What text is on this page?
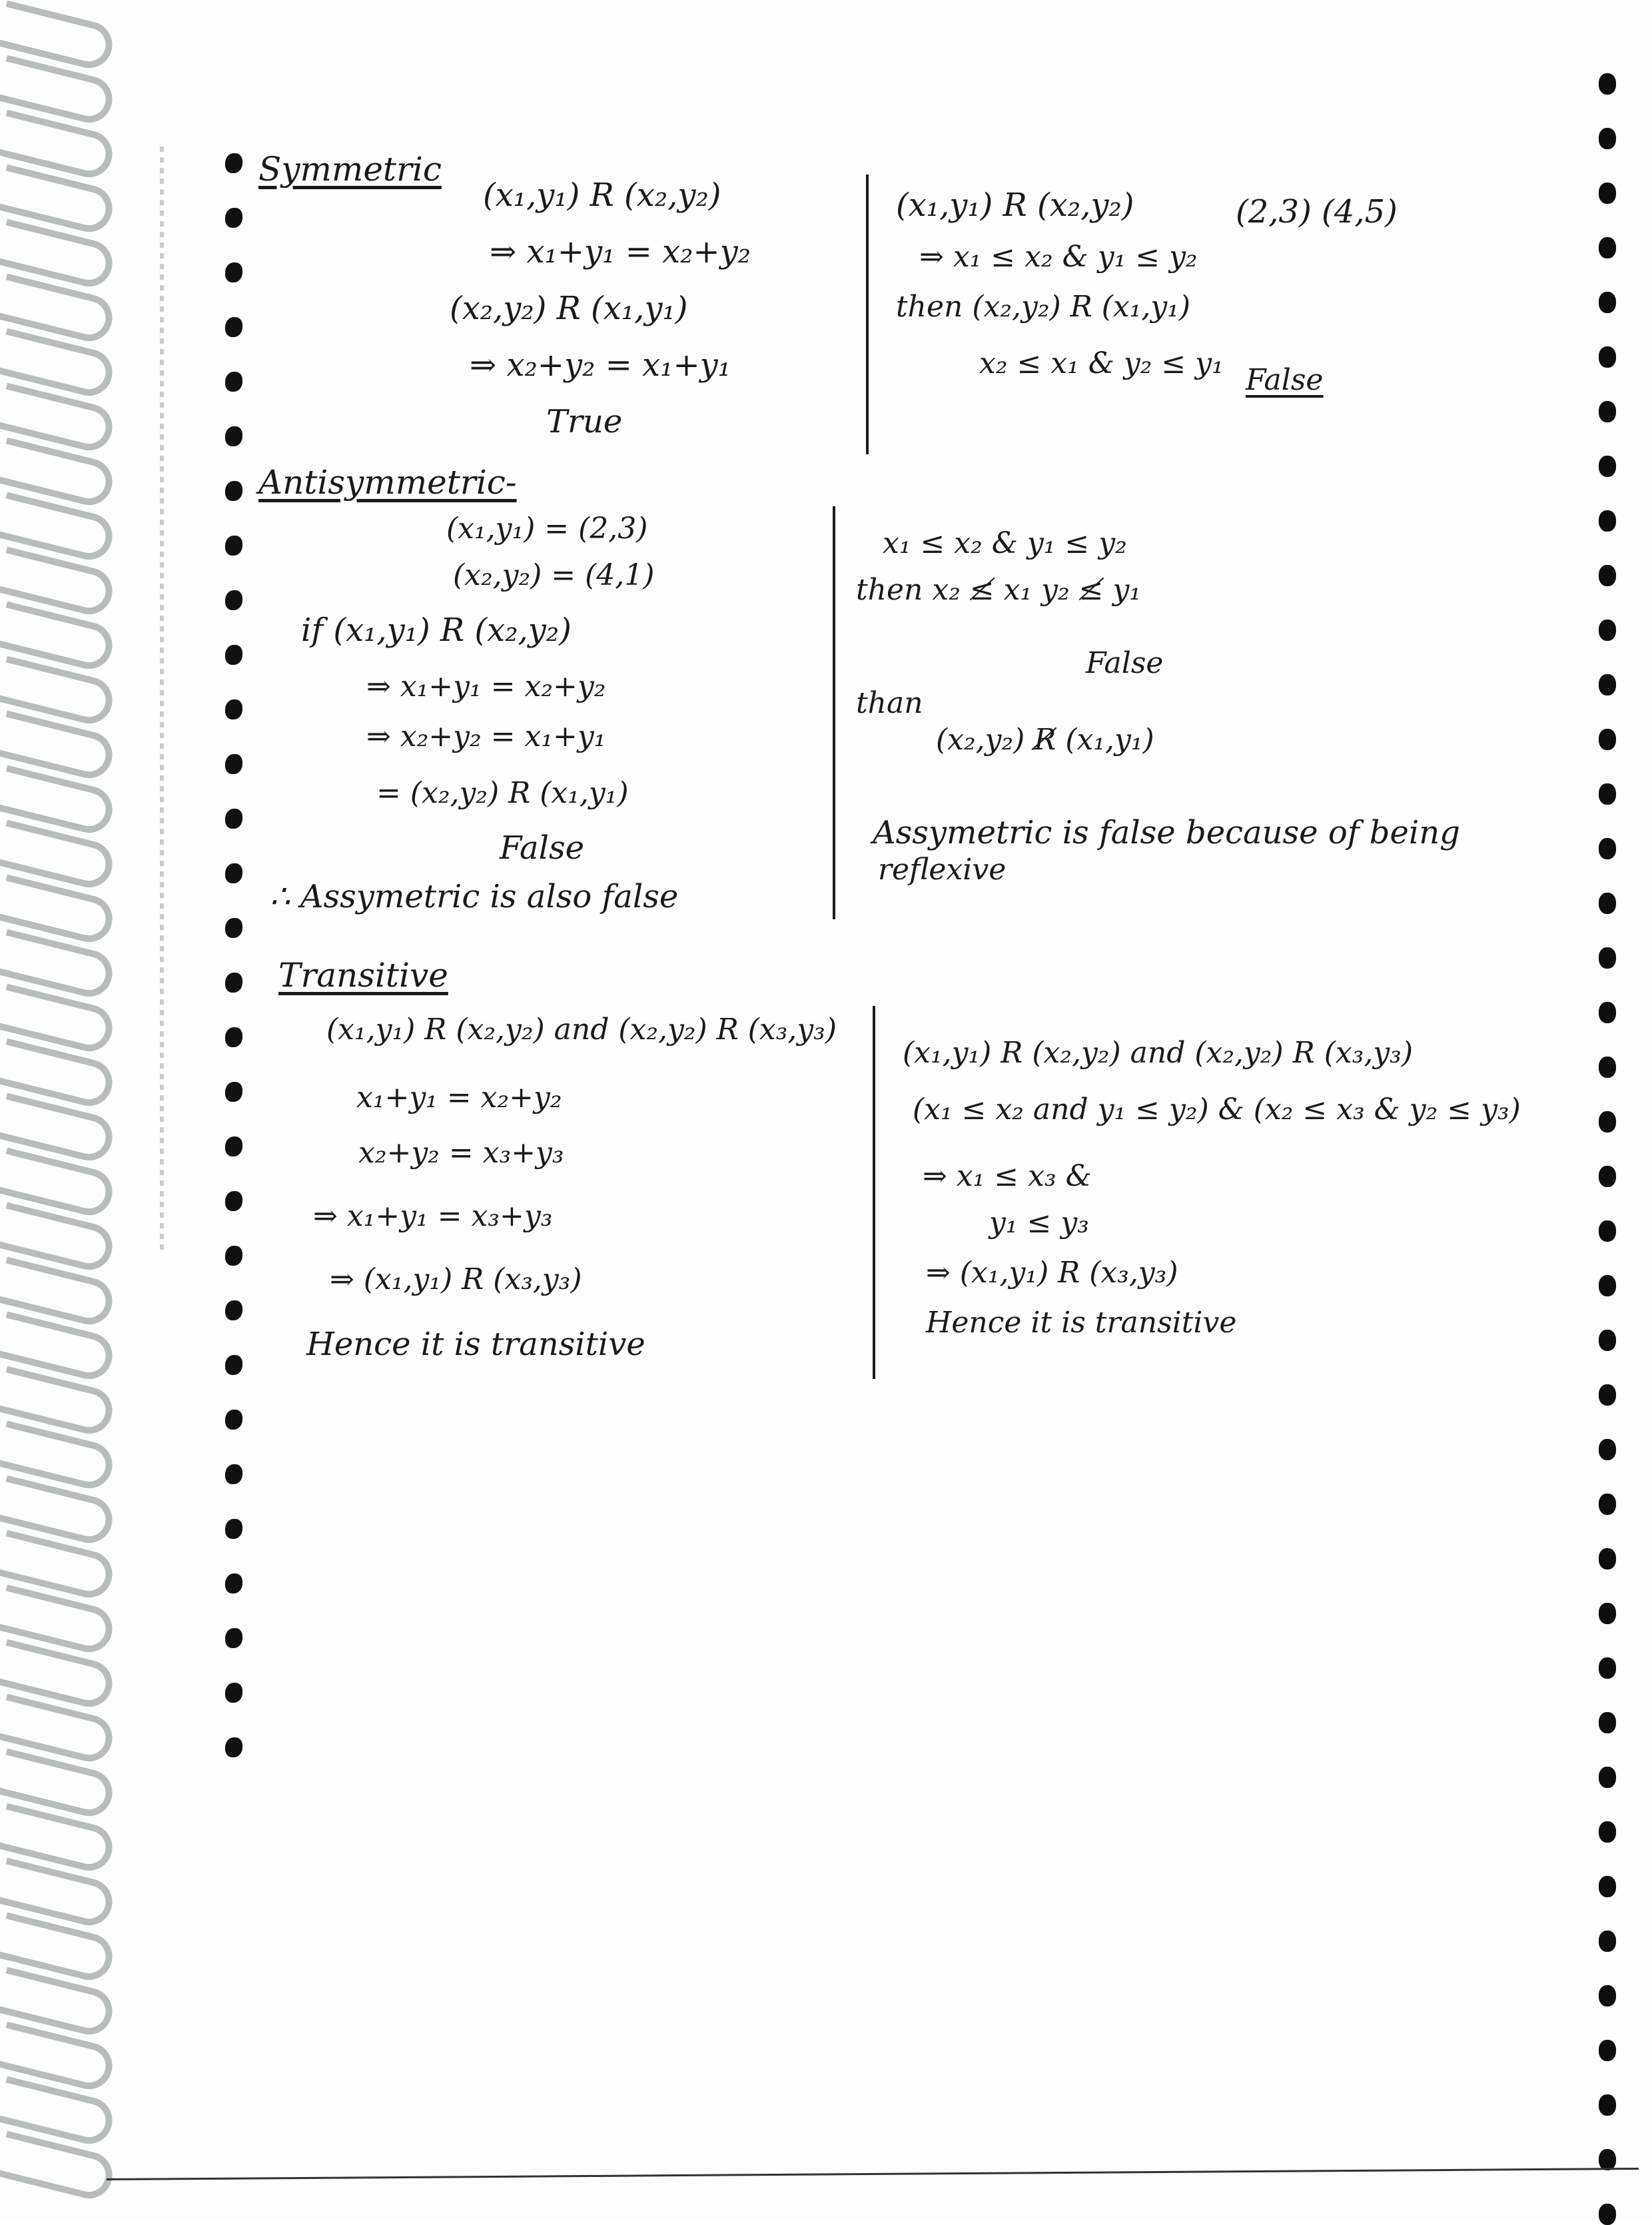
Symmetric
(x₁,y₁) R (x₂,y₂)
⇒ x₁+y₁ = x₂+y₂
(x₂,y₂) R (x₁,y₁)
⇒ x₂+y₂ = x₁+y₁
True
(x₁,y₁) R (x₂,y₂)	(2,3) (4,5)
⇒ x₁ ≤ x₂ & y₁ ≤ y₂
then (x₂,y₂) R (x₁,y₁)
x₂ ≤ x₁ & y₂ ≤ y₁ False
Antisymmetric-
(x₁,y₁) = (2,3)
(x₂,y₂) = (4,1)
if (x₁,y₁) R (x₂,y₂)
⇒ x₁+y₁ = x₂+y₂
⇒ x₂+y₂ = x₁+y₁
= (x₂,y₂) R (x₁,y₁)
False
∴ Assymetric is also false
x₁ ≤ x₂ & y₁ ≤ y₂
then x₂ ≰ x₁ y₂ ≰ y₁
False
than
(x₂,y₂) R̸ (x₁,y₁)
Assymetric is false because of being
reflexive
Transitive
(x₁,y₁) R (x₂,y₂) and (x₂,y₂) R (x₃,y₃)
x₁+y₁ = x₂+y₂
x₂+y₂ = x₃+y₃
⇒ x₁+y₁ = x₃+y₃
⇒ (x₁,y₁) R (x₃,y₃)
Hence it is transitive
(x₁,y₁) R (x₂,y₂) and (x₂,y₂) R (x₃,y₃)
(x₁ ≤ x₂ and y₁ ≤ y₂) & (x₂ ≤ x₃ & y₂ ≤ y₃)
⇒ x₁ ≤ x₃ &
y₁ ≤ y₃
⇒ (x₁,y₁) R (x₃,y₃)
Hence it is transitive
